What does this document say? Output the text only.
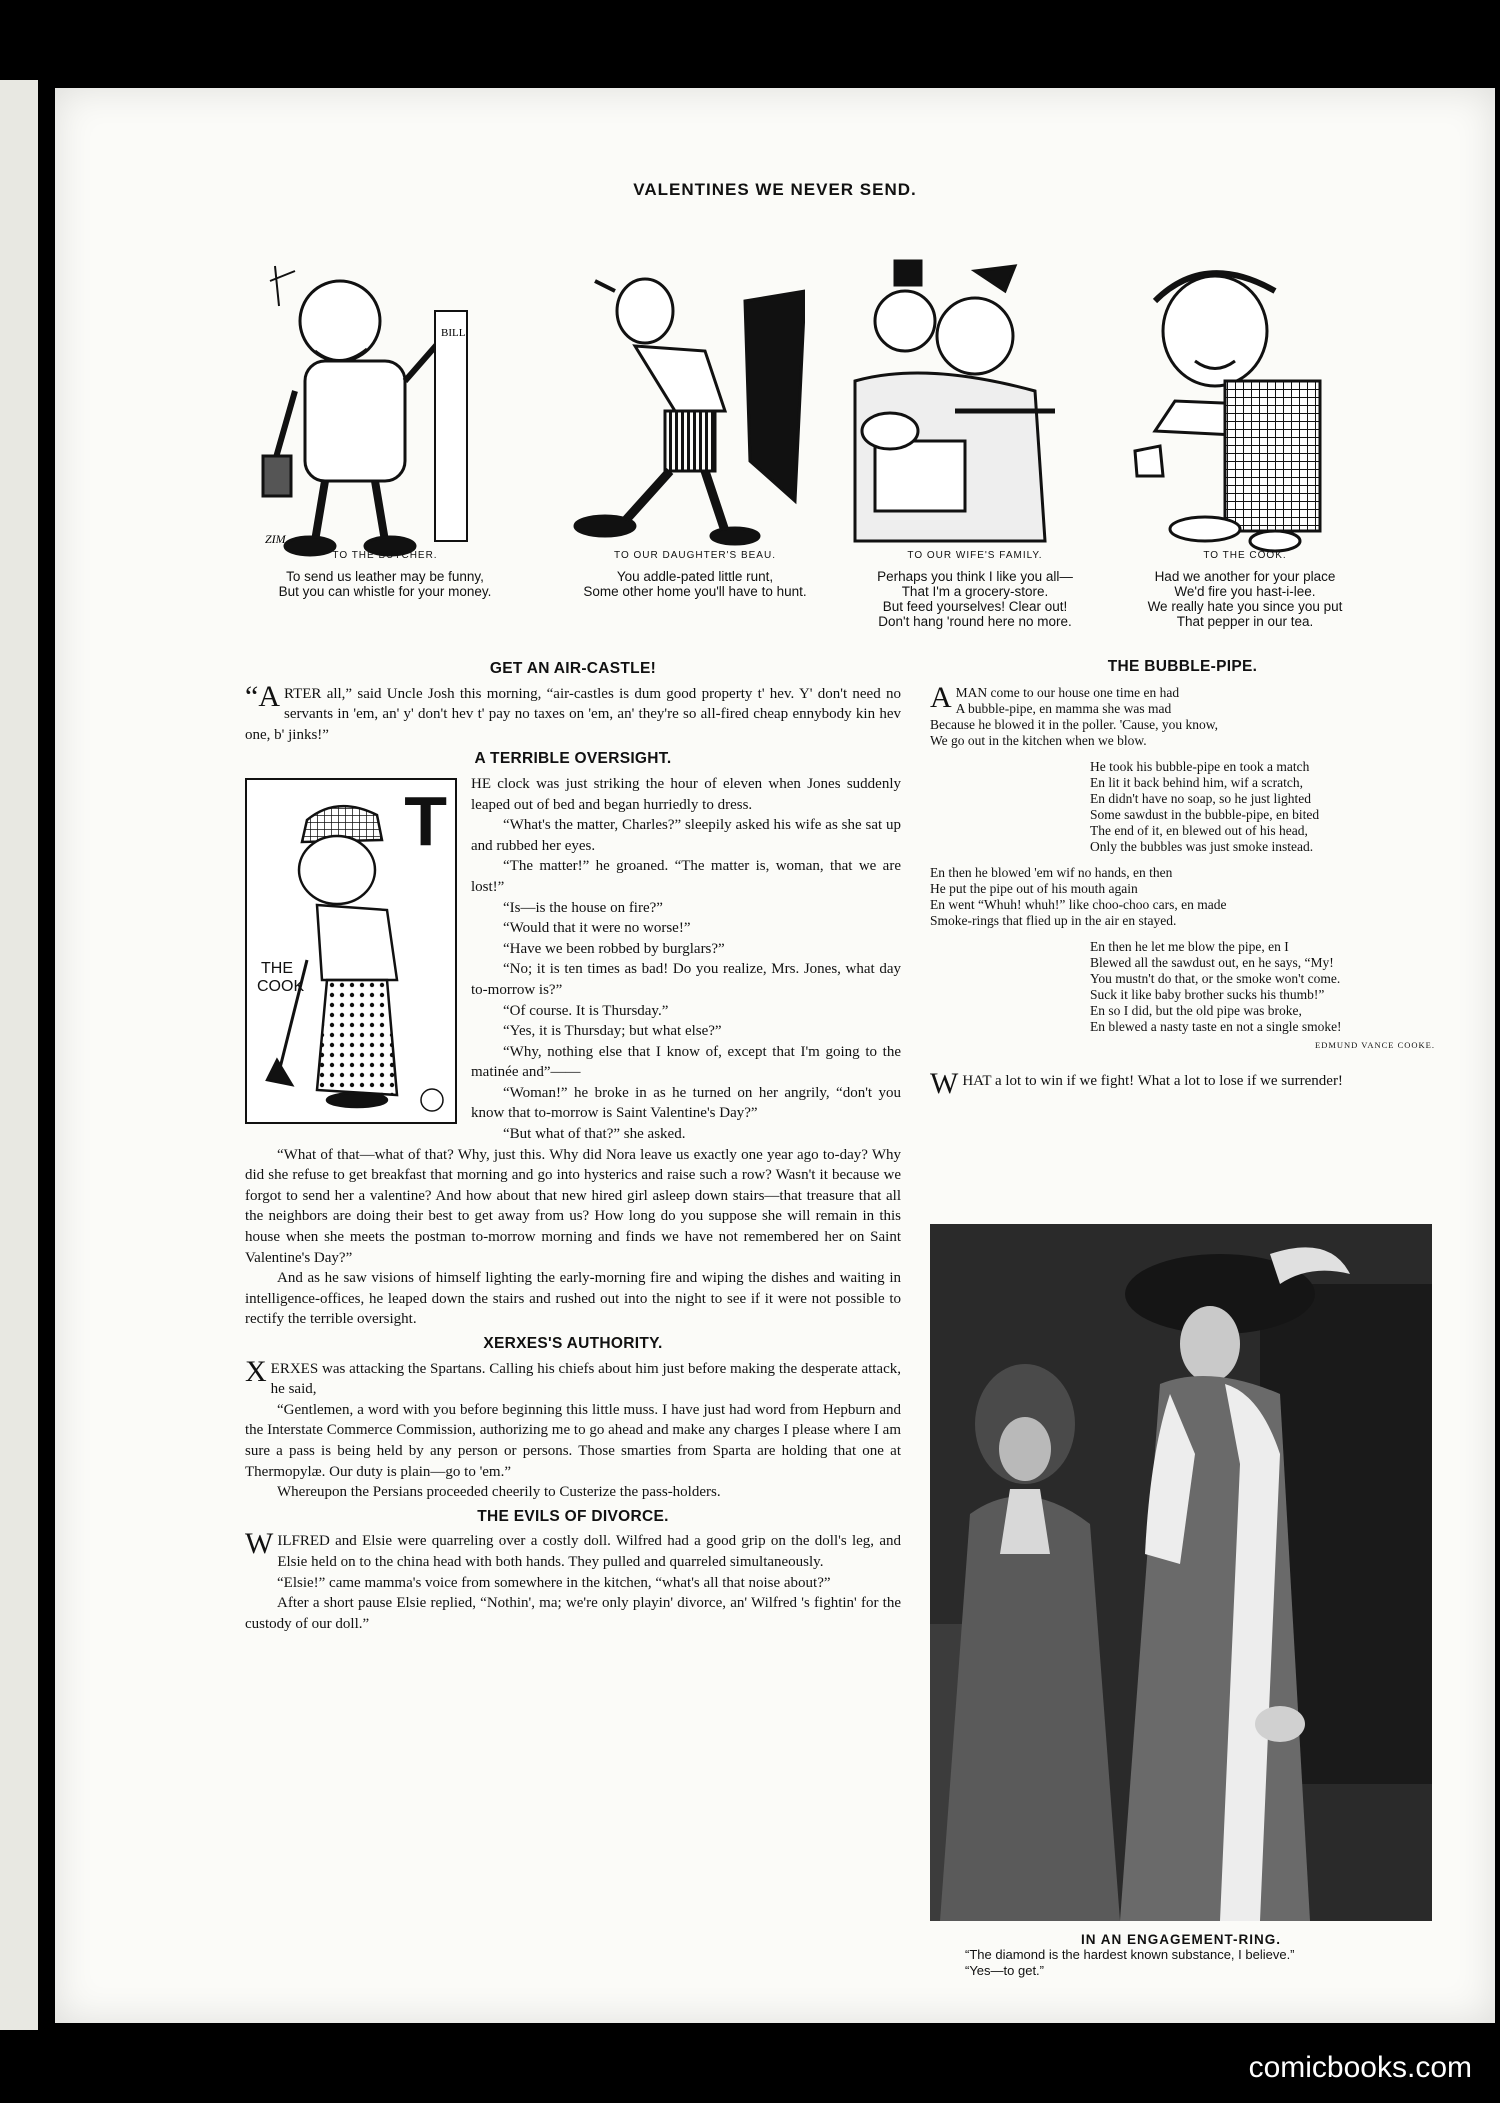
VALENTINES WE NEVER SEND.
BILL
ZIM
TO THE BUTCHER.
To send us leather may be funny,
But you can whistle for your money.
TO OUR DAUGHTER'S BEAU.
You addle-pated little runt,
Some other home you'll have to hunt.
TO OUR WIFE'S FAMILY.
Perhaps you think I like you all—
That I'm a grocery-store.
But feed yourselves! Clear out!
Don't hang 'round here no more.
TO THE COOK.
Had we another for your place
We'd fire you hast-i-lee.
We really hate you since you put
That pepper in our tea.
GET AN AIR-CASTLE!

“ARTER all,” said Uncle Josh this morning, “air-castles is dum good property t' hev. Y' don't need no servants in 'em, an' y' don't hev t' pay no taxes on 'em, an' they're so all-fired cheap ennybody kin hev one, b' jinks!”

A TERRIBLE OVERSIGHT.
T
THE COOK

HE clock was just striking the hour of eleven when Jones suddenly leaped out of bed and began hurriedly to dress.

“What's the matter, Charles?” sleepily asked his wife as she sat up and rubbed her eyes.

“The matter!” he groaned. “The matter is, woman, that we are lost!”

“Is—is the house on fire?”

“Would that it were no worse!”

“Have we been robbed by burglars?”

“No; it is ten times as bad! Do you realize, Mrs. Jones, what day to-morrow is?”

“Of course. It is Thursday.”

“Yes, it is Thursday; but what else?”

“Why, nothing else that I know of, except that I'm going to the matinée and”——

“Woman!” he broke in as he turned on her angrily, “don't you know that to-morrow is Saint Valentine's Day?”

“But what of that?” she asked.

“What of that—what of that? Why, just this. Why did Nora leave us exactly one year ago to-day? Why did she refuse to get breakfast that morning and go into hysterics and raise such a row? Wasn't it because we forgot to send her a valentine? And how about that new hired girl asleep down stairs—that treasure that all the neighbors are doing their best to get away from us? How long do you suppose she will remain in this house when she meets the postman to-morrow morning and finds we have not remembered her on Saint Valentine's Day?”

And as he saw visions of himself lighting the early-morning fire and wiping the dishes and waiting in intelligence-offices, he leaped down the stairs and rushed out into the night to see if it were not possible to rectify the terrible oversight.

XERXES'S AUTHORITY.

XERXES was attacking the Spartans. Calling his chiefs about him just before making the desperate attack, he said,

“Gentlemen, a word with you before beginning this little muss. I have just had word from Hepburn and the Interstate Commerce Commission, authorizing me to go ahead and make any charges I please where I am sure a pass is being held by any person or persons. Those smarties from Sparta are holding that one at Thermopylæ. Our duty is plain—go to 'em.”

Whereupon the Persians proceeded cheerily to Custerize the pass-holders.

THE EVILS OF DIVORCE.

WILFRED and Elsie were quarreling over a costly doll. Wilfred had a good grip on the doll's leg, and Elsie held on to the china head with both hands. They pulled and quarreled simultaneously.

“Elsie!” came mamma's voice from somewhere in the kitchen, “what's all that noise about?”

After a short pause Elsie replied, “Nothin', ma; we're only playin' divorce, an' Wilfred 's fightin' for the custody of our doll.”

THE BUBBLE-PIPE.

AMAN come to our house one time en had

A bubble-pipe, en mamma she was mad

Because he blowed it in the poller. 'Cause, you know,

We go out in the kitchen when we blow.

He took his bubble-pipe en took a match

En lit it back behind him, wif a scratch,

En didn't have no soap, so he just lighted

Some sawdust in the bubble-pipe, en bited

The end of it, en blewed out of his head,

Only the bubbles was just smoke instead.

En then he blowed 'em wif no hands, en then

He put the pipe out of his mouth again

En went “Whuh! whuh!” like choo-choo cars, en made

Smoke-rings that flied up in the air en stayed.

En then he let me blow the pipe, en I

Blewed all the sawdust out, en he says, “My!

You mustn't do that, or the smoke won't come.

Suck it like baby brother sucks his thumb!”

En so I did, but the old pipe was broke,

En blewed a nasty taste en not a single smoke!

EDMUND VANCE COOKE.

WHAT a lot to win if we fight! What a lot to lose if we surrender!

IN AN ENGAGEMENT-RING.
“The diamond is the hardest known substance, I believe.”
“Yes—to get.”
comicbooks.com
